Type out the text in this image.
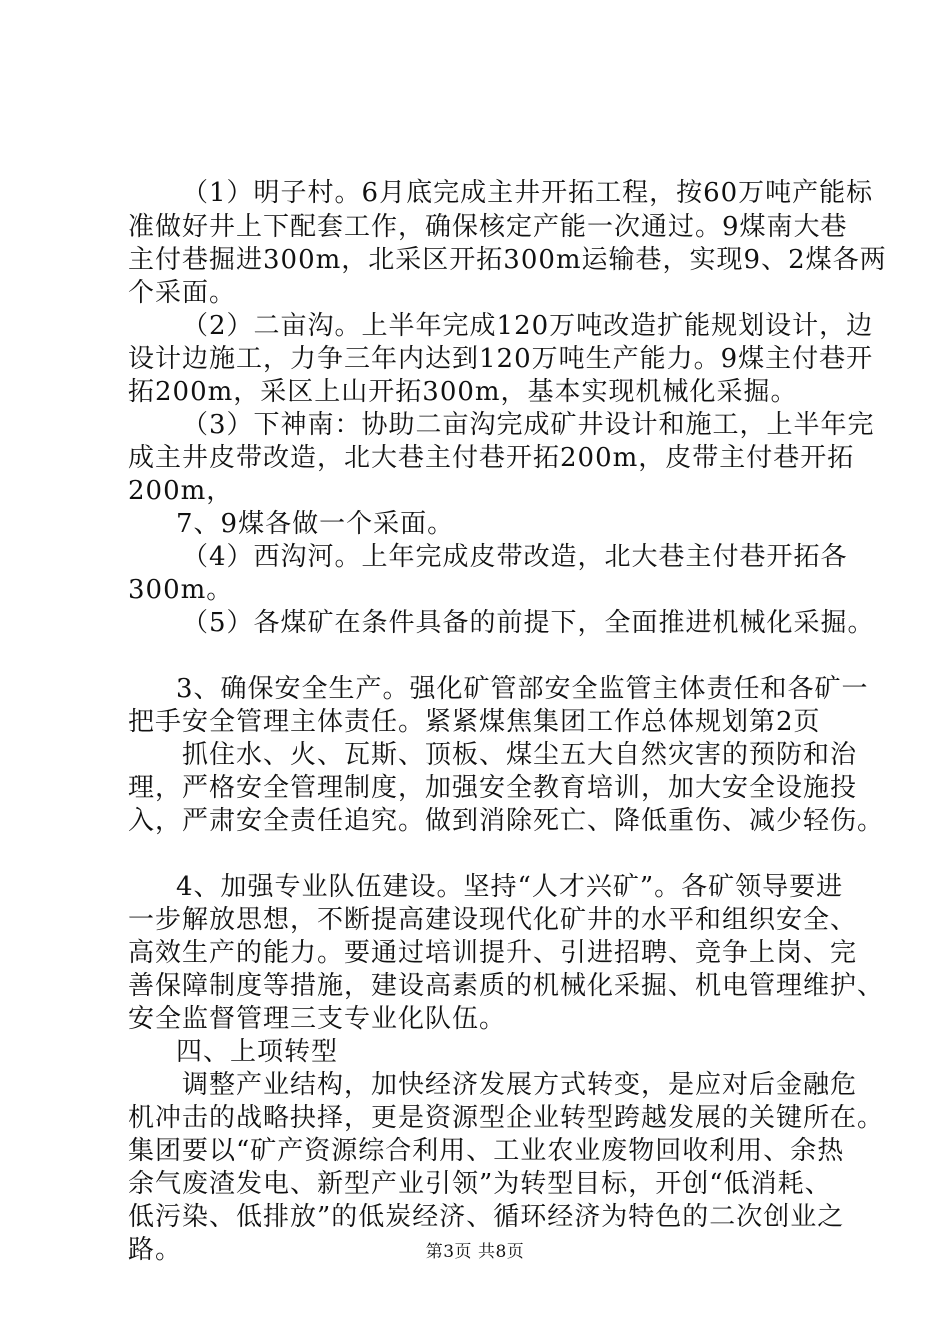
（1）明子村。6月底完成主井开拓工程，按60万吨产能标
准做好井上下配套工作，确保核定产能一次通过。9煤南大巷
主付巷掘进300m，北采区开拓300m运输巷，实现9、2煤各两
个采面。
（2）二亩沟。上半年完成120万吨改造扩能规划设计，边
设计边施工，力争三年内达到120万吨生产能力。9煤主付巷开
拓200m，采区上山开拓300m，基本实现机械化采掘。
（3）下神南：协助二亩沟完成矿井设计和施工，上半年完
成主井皮带改造，北大巷主付巷开拓200m，皮带主付巷开拓
200m，
7、9煤各做一个采面。
（4）西沟河。上年完成皮带改造，北大巷主付巷开拓各
300m。
（5）各煤矿在条件具备的前提下，全面推进机械化采掘。
3、确保安全生产。强化矿管部安全监管主体责任和各矿一
把手安全管理主体责任。紧紧煤焦集团工作总体规划第2页
抓住水、火、瓦斯、顶板、煤尘五大自然灾害的预防和治
理，严格安全管理制度，加强安全教育培训，加大安全设施投
入，严肃安全责任追究。做到消除死亡、降低重伤、减少轻伤。
4、加强专业队伍建设。坚持“人才兴矿”。各矿领导要进
一步解放思想，不断提高建设现代化矿井的水平和组织安全、
高效生产的能力。要通过培训提升、引进招聘、竞争上岗、完
善保障制度等措施，建设高素质的机械化采掘、机电管理维护、
安全监督管理三支专业化队伍。
四、上项转型
调整产业结构，加快经济发展方式转变，是应对后金融危
机冲击的战略抉择，更是资源型企业转型跨越发展的关键所在。
集团要以“矿产资源综合利用、工业农业废物回收利用、余热
余气废渣发电、新型产业引领”为转型目标，开创“低消耗、
低污染、低排放”的低炭经济、循环经济为特色的二次创业之
路。	第3页 共8页
